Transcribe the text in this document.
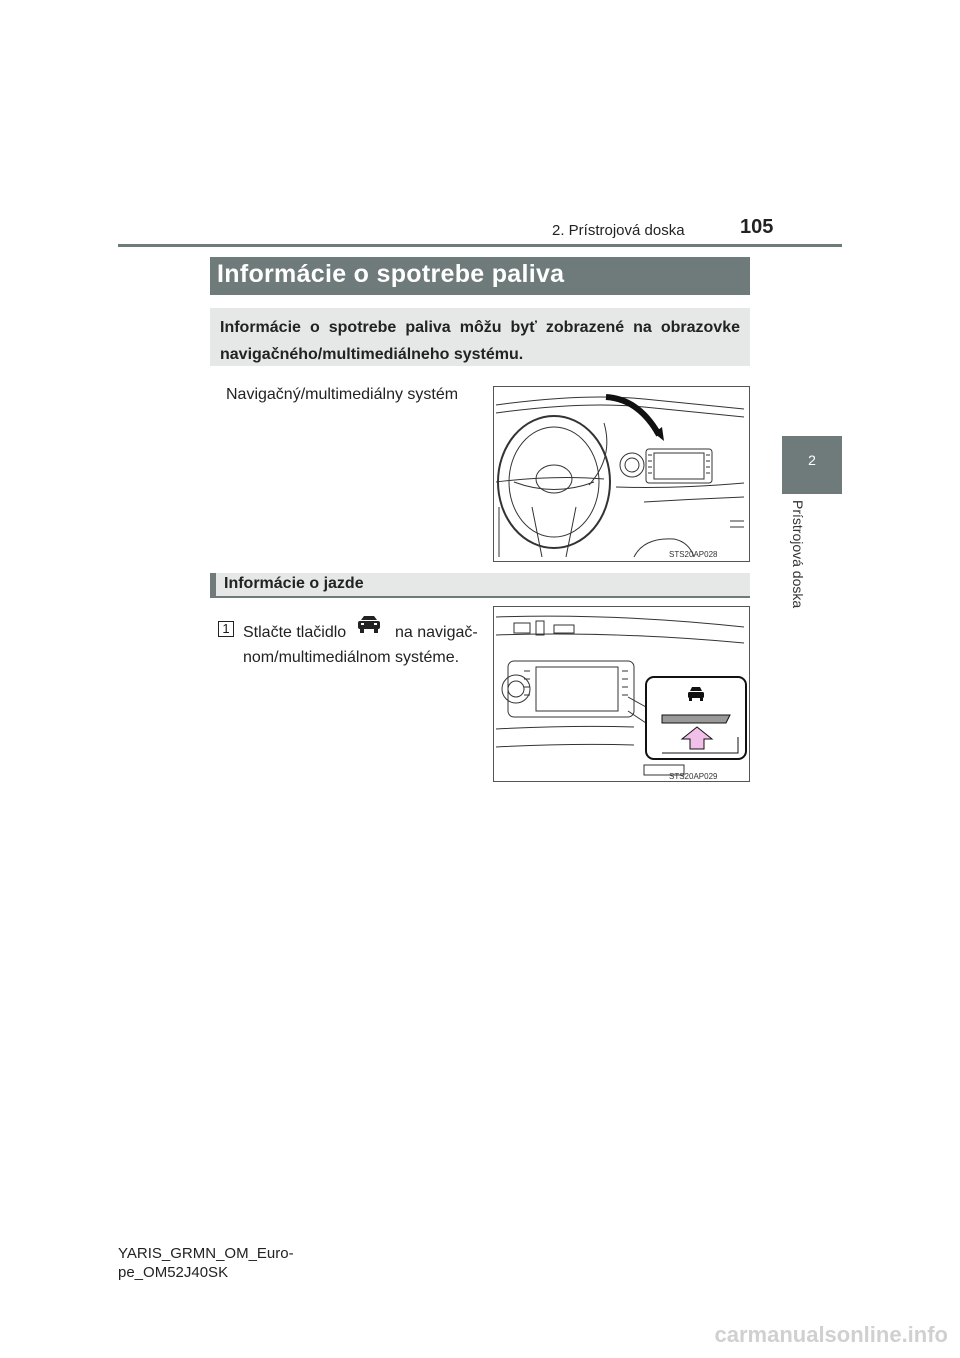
2. Prístrojová doska	105
2
Prístrojová doska
Informácie o spotrebe paliva
Informácie o spotrebe paliva môžu byť zobrazené na obrazovke navigačného/multimediálneho systému.
Navigačný/multimediálny systém
STS20AP028
Informácie o jazde
1 Stlačte tlačidlo	na navigač-
nom/multimediálnom systéme.
STS20AP029
YARIS_GRMN_OM_Euro-
pe_OM52J40SK
carmanualsonline.info
